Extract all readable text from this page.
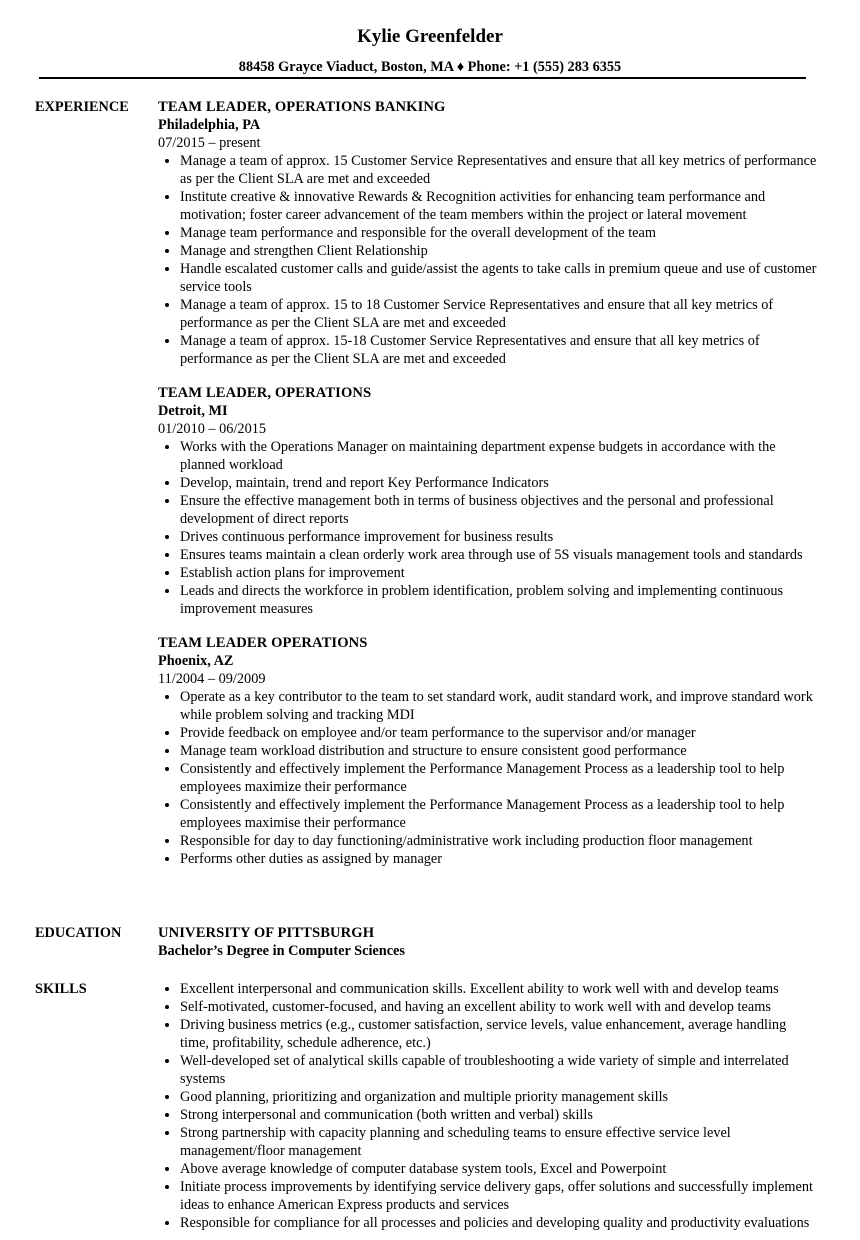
Kylie Greenfelder
88458 Grayce Viaduct, Boston, MA ♦ Phone: +1 (555) 283 6355
EXPERIENCE TEAM LEADER, OPERATIONS BANKING
Philadelphia, PA
07/2015 – present
• Manage a team of approx. 15 Customer Service Representatives and ensure that all key metrics of performance as per the Client SLA are met and exceeded
• Institute creative & innovative Rewards & Recognition activities for enhancing team performance and motivation; foster career advancement of the team members within the project or lateral movement
• Manage team performance and responsible for the overall development of the team
• Manage and strengthen Client Relationship
• Handle escalated customer calls and guide/assist the agents to take calls in premium queue and use of customer service tools
• Manage a team of approx. 15 to 18 Customer Service Representatives and ensure that all key metrics of performance as per the Client SLA are met and exceeded
• Manage a team of approx. 15-18 Customer Service Representatives and ensure that all key metrics of performance as per the Client SLA are met and exceeded
TEAM LEADER, OPERATIONS
Detroit, MI
01/2010 – 06/2015
• Works with the Operations Manager on maintaining department expense budgets in accordance with the planned workload
• Develop, maintain, trend and report Key Performance Indicators
• Ensure the effective management both in terms of business objectives and the personal and professional development of direct reports
• Drives continuous performance improvement for business results
• Ensures teams maintain a clean orderly work area through use of 5S visuals management tools and standards
• Establish action plans for improvement
• Leads and directs the workforce in problem identification, problem solving and implementing continuous improvement measures
TEAM LEADER OPERATIONS
Phoenix, AZ
11/2004 – 09/2009
• Operate as a key contributor to the team to set standard work, audit standard work, and improve standard work while problem solving and tracking MDI
• Provide feedback on employee and/or team performance to the supervisor and/or manager
• Manage team workload distribution and structure to ensure consistent good performance
• Consistently and effectively implement the Performance Management Process as a leadership tool to help employees maximize their performance
• Consistently and effectively implement the Performance Management Process as a leadership tool to help employees maximise their performance
• Responsible for day to day functioning/administrative work including production floor management
• Performs other duties as assigned by manager
EDUCATION	UNIVERSITY OF PITTSBURGH
Bachelor’s Degree in Computer Sciences
SKILLS
•	Excellent interpersonal and communication skills. Excellent ability to work well with and develop teams
• Self-motivated, customer-focused, and having an excellent ability to work well with and develop teams
• Driving business metrics (e.g., customer satisfaction, service levels, value enhancement, average handling time, profitability, schedule adherence, etc.)
• Well-developed set of analytical skills capable of troubleshooting a wide variety of simple and interrelated systems
• Good planning, prioritizing and organization and multiple priority management skills
• Strong interpersonal and communication (both written and verbal) skills
• Strong partnership with capacity planning and scheduling teams to ensure effective service level management/floor management
• Above average knowledge of computer database system tools, Excel and Powerpoint
• Initiate process improvements by identifying service delivery gaps, offer solutions and successfully implement ideas to enhance American Express products and services
• Responsible for compliance for all processes and policies and developing quality and productivity evaluations
